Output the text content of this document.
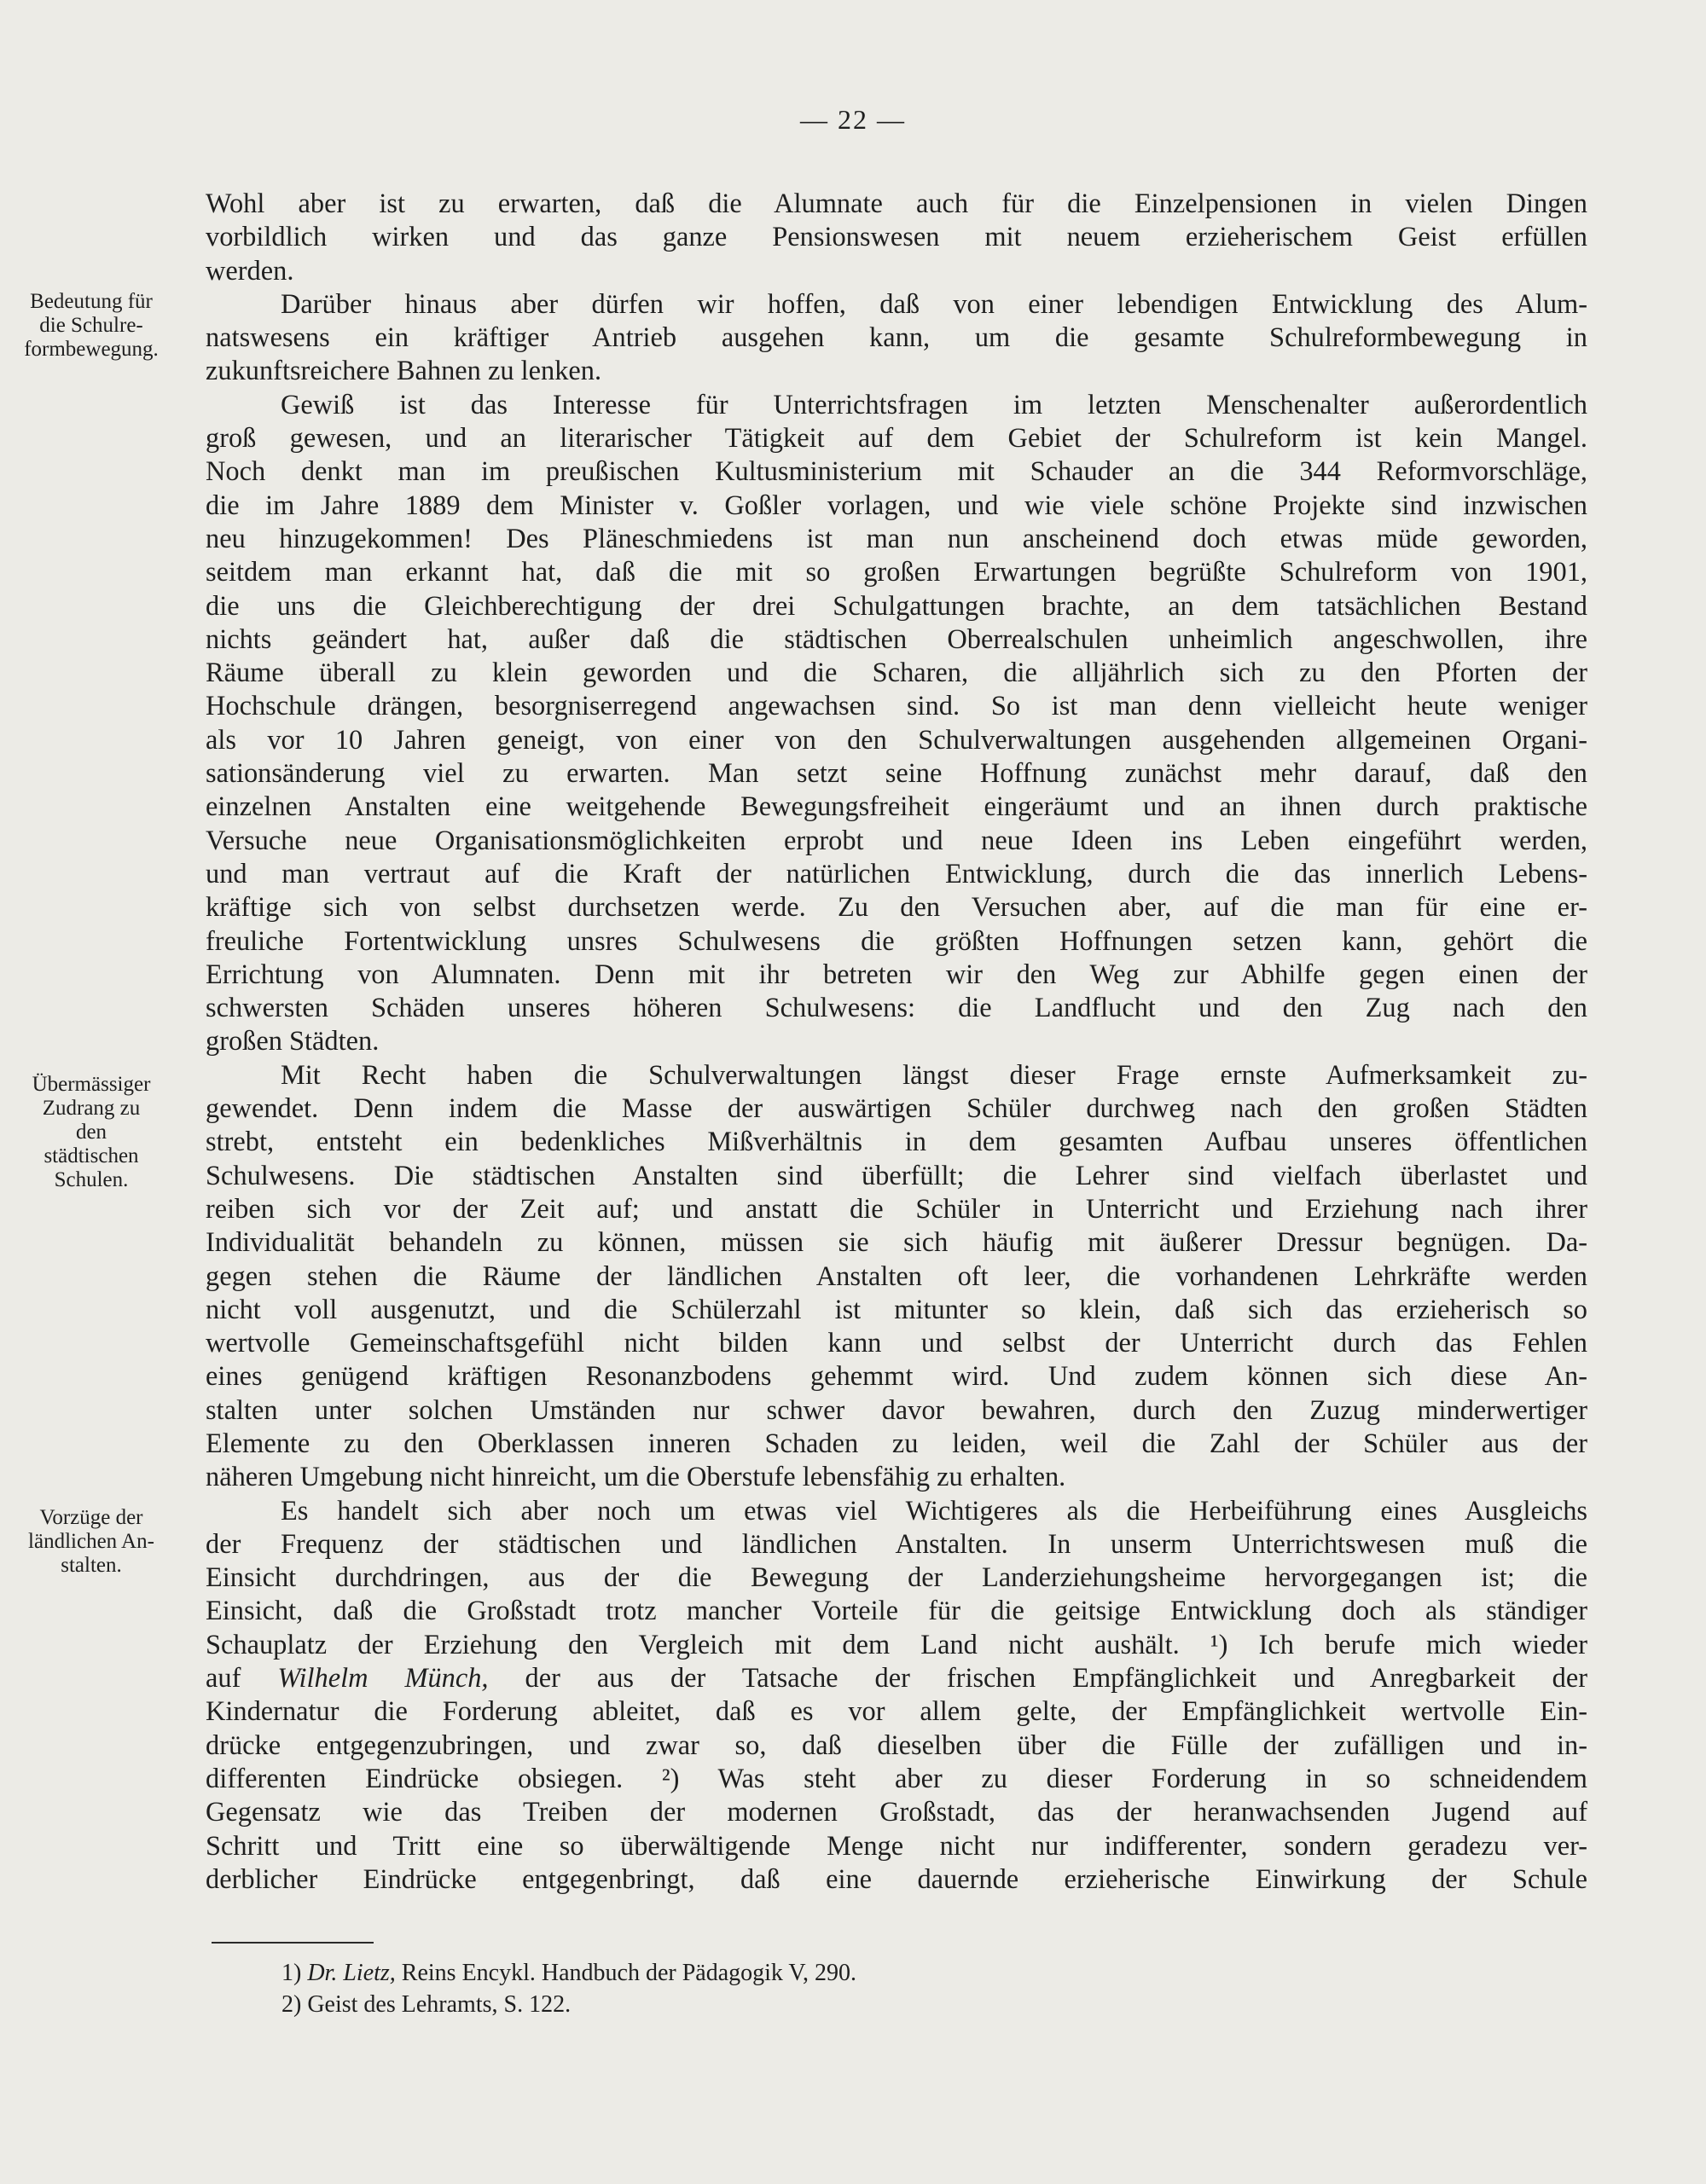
— 22 —
Bedeutung für
die Schulre-
formbewegung.
Übermässiger
Zudrang zu
den
städtischen
Schulen.
Vorzüge der
ländlichen An-
stalten.
Wohl aber ist zu erwarten, daß die Alumnate auch für die Einzelpensionen in vielen Dingen
vorbildlich wirken und das ganze Pensionswesen mit neuem erzieherischem Geist erfüllen
werden.
Darüber hinaus aber dürfen wir hoffen, daß von einer lebendigen Entwicklung des Alum-
natswesens ein kräftiger Antrieb ausgehen kann, um die gesamte Schulreformbewegung in
zukunftsreichere Bahnen zu lenken.
Gewiß ist das Interesse für Unterrichtsfragen im letzten Menschenalter außerordentlich
groß gewesen, und an literarischer Tätigkeit auf dem Gebiet der Schulreform ist kein Mangel.
Noch denkt man im preußischen Kultusministerium mit Schauder an die 344 Reformvorschläge,
die im Jahre 1889 dem Minister v. Goßler vorlagen, und wie viele schöne Projekte sind inzwischen
neu hinzugekommen! Des Pläneschmiedens ist man nun anscheinend doch etwas müde geworden,
seitdem man erkannt hat, daß die mit so großen Erwartungen begrüßte Schulreform von 1901,
die uns die Gleichberechtigung der drei Schulgattungen brachte, an dem tatsächlichen Bestand
nichts geändert hat, außer daß die städtischen Oberrealschulen unheimlich angeschwollen, ihre
Räume überall zu klein geworden und die Scharen, die alljährlich sich zu den Pforten der
Hochschule drängen, besorgniserregend angewachsen sind. So ist man denn vielleicht heute weniger
als vor 10 Jahren geneigt, von einer von den Schulverwaltungen ausgehenden allgemeinen Organi-
sationsänderung viel zu erwarten. Man setzt seine Hoffnung zunächst mehr darauf, daß den
einzelnen Anstalten eine weitgehende Bewegungsfreiheit eingeräumt und an ihnen durch praktische
Versuche neue Organisationsmöglichkeiten erprobt und neue Ideen ins Leben eingeführt werden,
und man vertraut auf die Kraft der natürlichen Entwicklung, durch die das innerlich Lebens-
kräftige sich von selbst durchsetzen werde. Zu den Versuchen aber, auf die man für eine er-
freuliche Fortentwicklung unsres Schulwesens die größten Hoffnungen setzen kann, gehört die
Errichtung von Alumnaten. Denn mit ihr betreten wir den Weg zur Abhilfe gegen einen der
schwersten Schäden unseres höheren Schulwesens: die Landflucht und den Zug nach den
großen Städten.
Mit Recht haben die Schulverwaltungen längst dieser Frage ernste Aufmerksamkeit zu-
gewendet. Denn indem die Masse der auswärtigen Schüler durchweg nach den großen Städten
strebt, entsteht ein bedenkliches Mißverhältnis in dem gesamten Aufbau unseres öffentlichen
Schulwesens. Die städtischen Anstalten sind überfüllt; die Lehrer sind vielfach überlastet und
reiben sich vor der Zeit auf; und anstatt die Schüler in Unterricht und Erziehung nach ihrer
Individualität behandeln zu können, müssen sie sich häufig mit äußerer Dressur begnügen. Da-
gegen stehen die Räume der ländlichen Anstalten oft leer, die vorhandenen Lehrkräfte werden
nicht voll ausgenutzt, und die Schülerzahl ist mitunter so klein, daß sich das erzieherisch so
wertvolle Gemeinschaftsgefühl nicht bilden kann und selbst der Unterricht durch das Fehlen
eines genügend kräftigen Resonanzbodens gehemmt wird. Und zudem können sich diese An-
stalten unter solchen Umständen nur schwer davor bewahren, durch den Zuzug minderwertiger
Elemente zu den Oberklassen inneren Schaden zu leiden, weil die Zahl der Schüler aus der
näheren Umgebung nicht hinreicht, um die Oberstufe lebensfähig zu erhalten.
Es handelt sich aber noch um etwas viel Wichtigeres als die Herbeiführung eines Ausgleichs
der Frequenz der städtischen und ländlichen Anstalten. In unserm Unterrichtswesen muß die
Einsicht durchdringen, aus der die Bewegung der Landerziehungsheime hervorgegangen ist; die
Einsicht, daß die Großstadt trotz mancher Vorteile für die geitsige Entwicklung doch als ständiger
Schauplatz der Erziehung den Vergleich mit dem Land nicht aushält. ¹) Ich berufe mich wieder
auf Wilhelm Münch, der aus der Tatsache der frischen Empfänglichkeit und Anregbarkeit der
Kindernatur die Forderung ableitet, daß es vor allem gelte, der Empfänglichkeit wertvolle Ein-
drücke entgegenzubringen, und zwar so, daß dieselben über die Fülle der zufälligen und in-
differenten Eindrücke obsiegen. ²) Was steht aber zu dieser Forderung in so schneidendem
Gegensatz wie das Treiben der modernen Großstadt, das der heranwachsenden Jugend auf
Schritt und Tritt eine so überwältigende Menge nicht nur indifferenter, sondern geradezu ver-
derblicher Eindrücke entgegenbringt, daß eine dauernde erzieherische Einwirkung der Schule
1) Dr. Lietz, Reins Encykl. Handbuch der Pädagogik V, 290.
2) Geist des Lehramts, S. 122.
